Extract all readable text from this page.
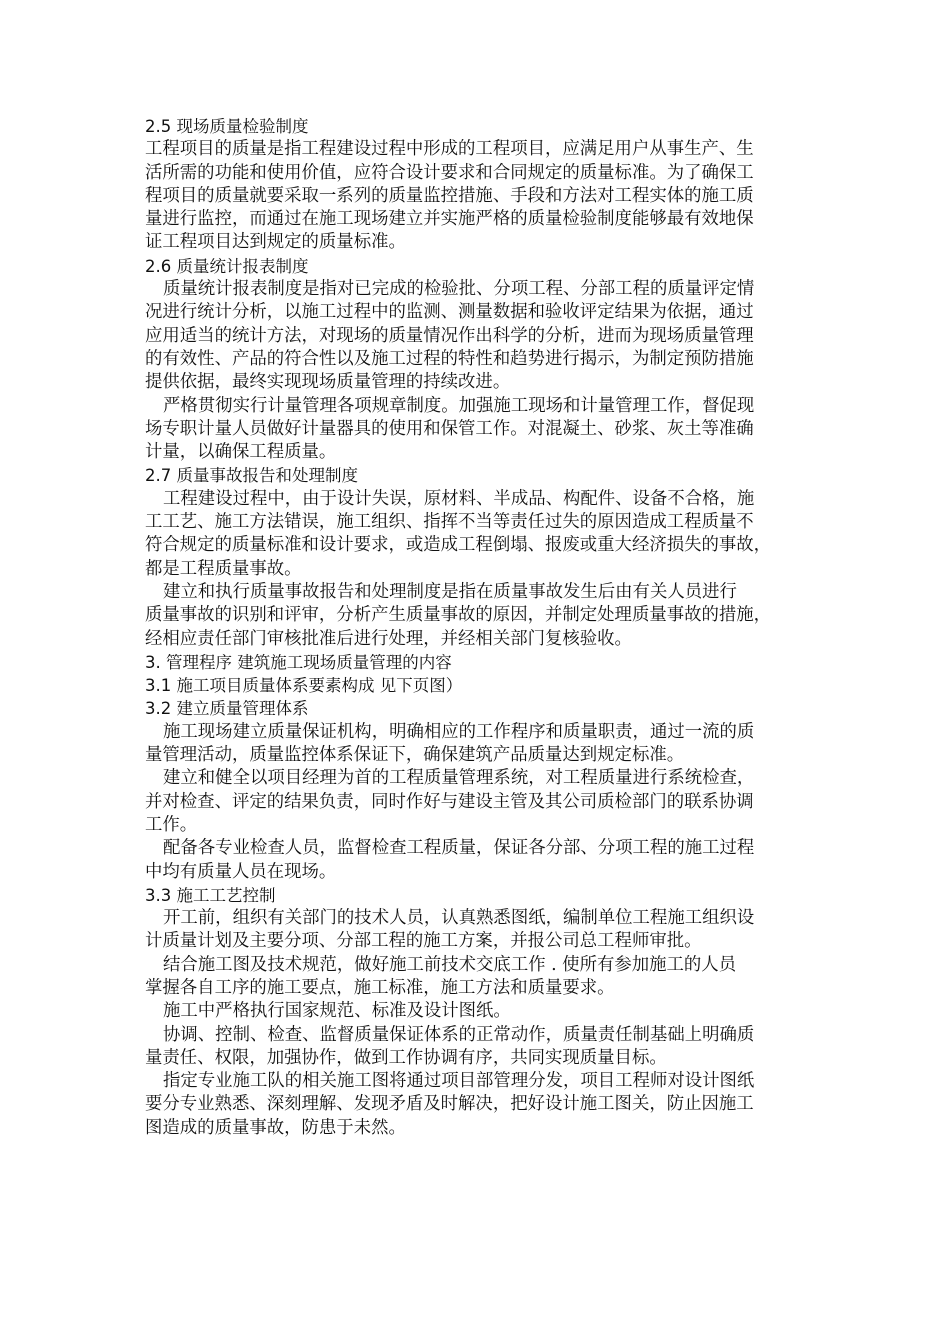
2.5 现场质量检验制度
工程项目的质量是指工程建设过程中形成的工程项目，应满足用户从事生产、生
活所需的功能和使用价值，应符合设计要求和合同规定的质量标准。为了确保工
程项目的质量就要采取一系列的质量监控措施、手段和方法对工程实体的施工质
量进行监控，而通过在施工现场建立并实施严格的质量检验制度能够最有效地保
证工程项目达到规定的质量标准。
2.6 质量统计报表制度
质量统计报表制度是指对已完成的检验批、分项工程、分部工程的质量评定情
况进行统计分析，以施工过程中的监测、测量数据和验收评定结果为依据，通过
应用适当的统计方法，对现场的质量情况作出科学的分析，进而为现场质量管理
的有效性、产品的符合性以及施工过程的特性和趋势进行揭示，为制定预防措施
提供依据，最终实现现场质量管理的持续改进。
严格贯彻实行计量管理各项规章制度。加强施工现场和计量管理工作，督促现
场专职计量人员做好计量器具的使用和保管工作。对混凝土、砂浆、灰土等准确
计量，以确保工程质量。
2.7 质量事故报告和处理制度
工程建设过程中，由于设计失误，原材料、半成品、构配件、设备不合格，施
工工艺、施工方法错误，施工组织、指挥不当等责任过失的原因造成工程质量不
符合规定的质量标准和设计要求，或造成工程倒塌、报废或重大经济损失的事故，
都是工程质量事故。
建立和执行质量事故报告和处理制度是指在质量事故发生后由有关人员进行
质量事故的识别和评审，分析产生质量事故的原因，并制定处理质量事故的措施，
经相应责任部门审核批准后进行处理，并经相关部门复核验收。
3. 管理程序 建筑施工现场质量管理的内容
3.1 施工项目质量体系要素构成 见下页图）
3.2 建立质量管理体系
施工现场建立质量保证机构，明确相应的工作程序和质量职责，通过一流的质
量管理活动，质量监控体系保证下，确保建筑产品质量达到规定标准。
建立和健全以项目经理为首的工程质量管理系统，对工程质量进行系统检查，
并对检查、评定的结果负责，同时作好与建设主管及其公司质检部门的联系协调
工作。
配备各专业检查人员，监督检查工程质量，保证各分部、分项工程的施工过程
中均有质量人员在现场。
3.3 施工工艺控制
开工前，组织有关部门的技术人员，认真熟悉图纸，编制单位工程施工组织设
计质量计划及主要分项、分部工程的施工方案，并报公司总工程师审批。
结合施工图及技术规范，做好施工前技术交底工作 . 使所有参加施工的人员
掌握各自工序的施工要点，施工标准，施工方法和质量要求。
施工中严格执行国家规范、标准及设计图纸。
协调、控制、检查、监督质量保证体系的正常动作，质量责任制基础上明确质
量责任、权限，加强协作，做到工作协调有序，共同实现质量目标。
指定专业施工队的相关施工图将通过项目部管理分发，项目工程师对设计图纸
要分专业熟悉、深刻理解、发现矛盾及时解决，把好设计施工图关，防止因施工
图造成的质量事故，防患于未然。
